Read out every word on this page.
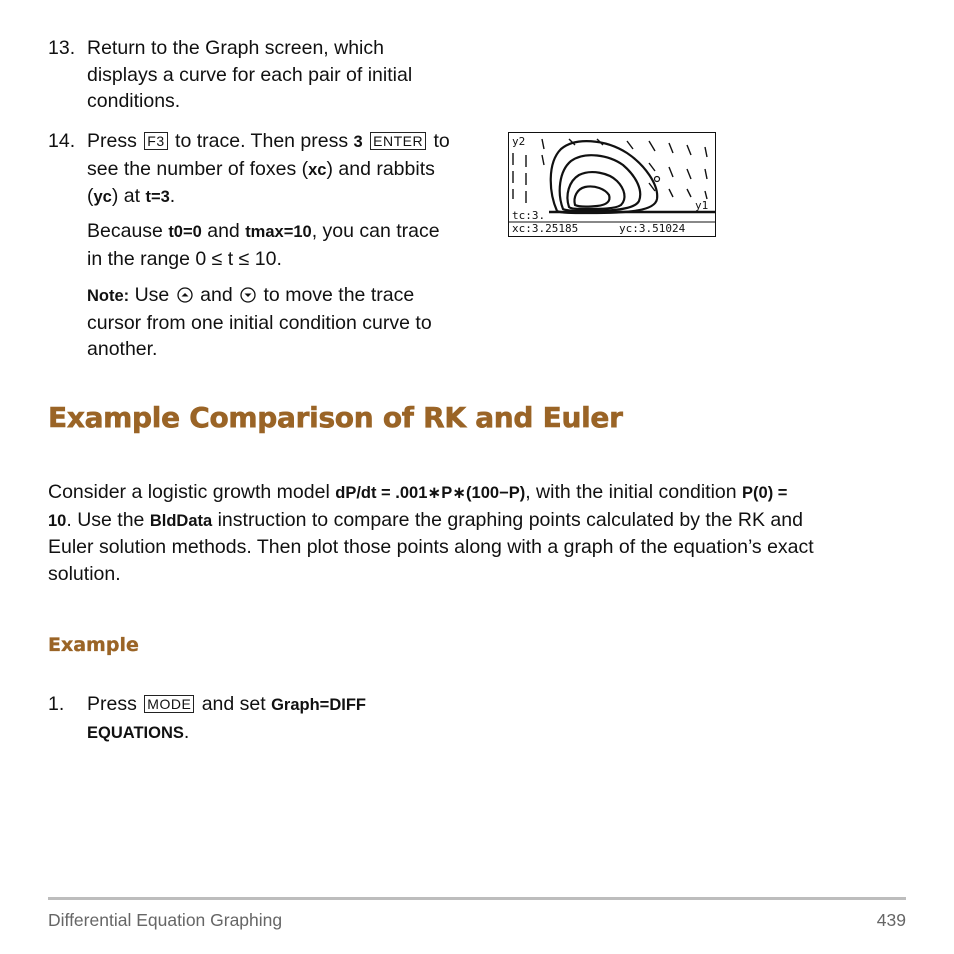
13. Return to the Graph screen, which
displays a curve for each pair of initial
conditions.
14. Press F3 to trace. Then press 3 ENTER to
see the number of foxes (xc) and rabbits
(yc) at t=3.
Because t0=0 and tmax=10, you can trace
in the range 0 ≤ t ≤ 10.
Note: Use and to move the trace
cursor from one initial condition curve to
another.
y2
y1
tc:3.
xc:3.25185	yc:3.51024
Example Comparison of RK and Euler
Consider a logistic growth model dP/dt = .001∗P∗(100−P), with the initial condition P(0) =
10. Use the BldData instruction to compare the graphing points calculated by the RK and
Euler solution methods. Then plot those points along with a graph of the equation’s exact
solution.
Example
1. Press MODE and set Graph=DIFF
EQUATIONS.
Differential Equation Graphing	439
